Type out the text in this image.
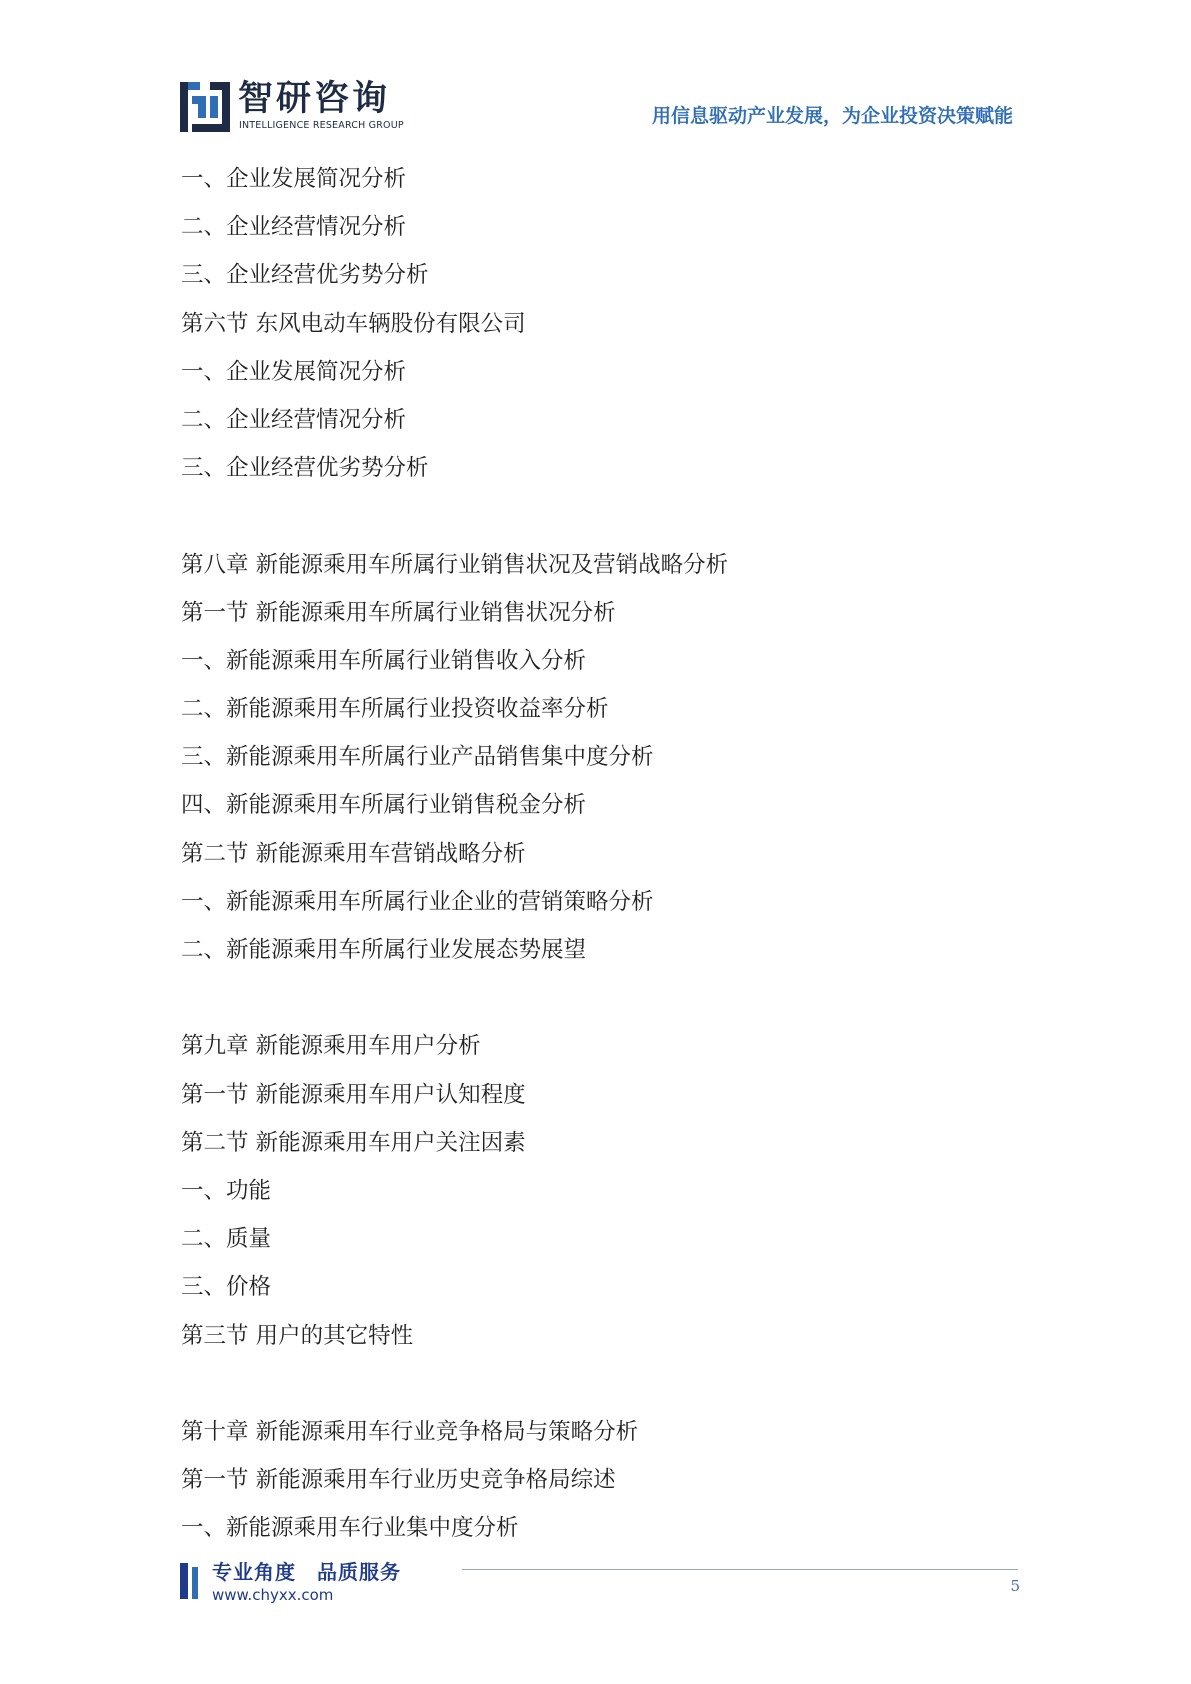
智研咨询
INTELLIGENCE RESEARCH GROUP	用信息驱动产业发展，为企业投资决策赋能
一、企业发展简况分析
二、企业经营情况分析
三、企业经营优劣势分析
第六节 东风电动车辆股份有限公司
一、企业发展简况分析
二、企业经营情况分析
三、企业经营优劣势分析
第八章 新能源乘用车所属行业销售状况及营销战略分析
第一节 新能源乘用车所属行业销售状况分析
一、新能源乘用车所属行业销售收入分析
二、新能源乘用车所属行业投资收益率分析
三、新能源乘用车所属行业产品销售集中度分析
四、新能源乘用车所属行业销售税金分析
第二节 新能源乘用车营销战略分析
一、新能源乘用车所属行业企业的营销策略分析
二、新能源乘用车所属行业发展态势展望
第九章 新能源乘用车用户分析
第一节 新能源乘用车用户认知程度
第二节 新能源乘用车用户关注因素
一、功能
二、质量
三、价格
第三节 用户的其它特性
第十章 新能源乘用车行业竞争格局与策略分析
第一节 新能源乘用车行业历史竞争格局综述
一、新能源乘用车行业集中度分析
专业角度　品质服务
www.chyxx.com	5
